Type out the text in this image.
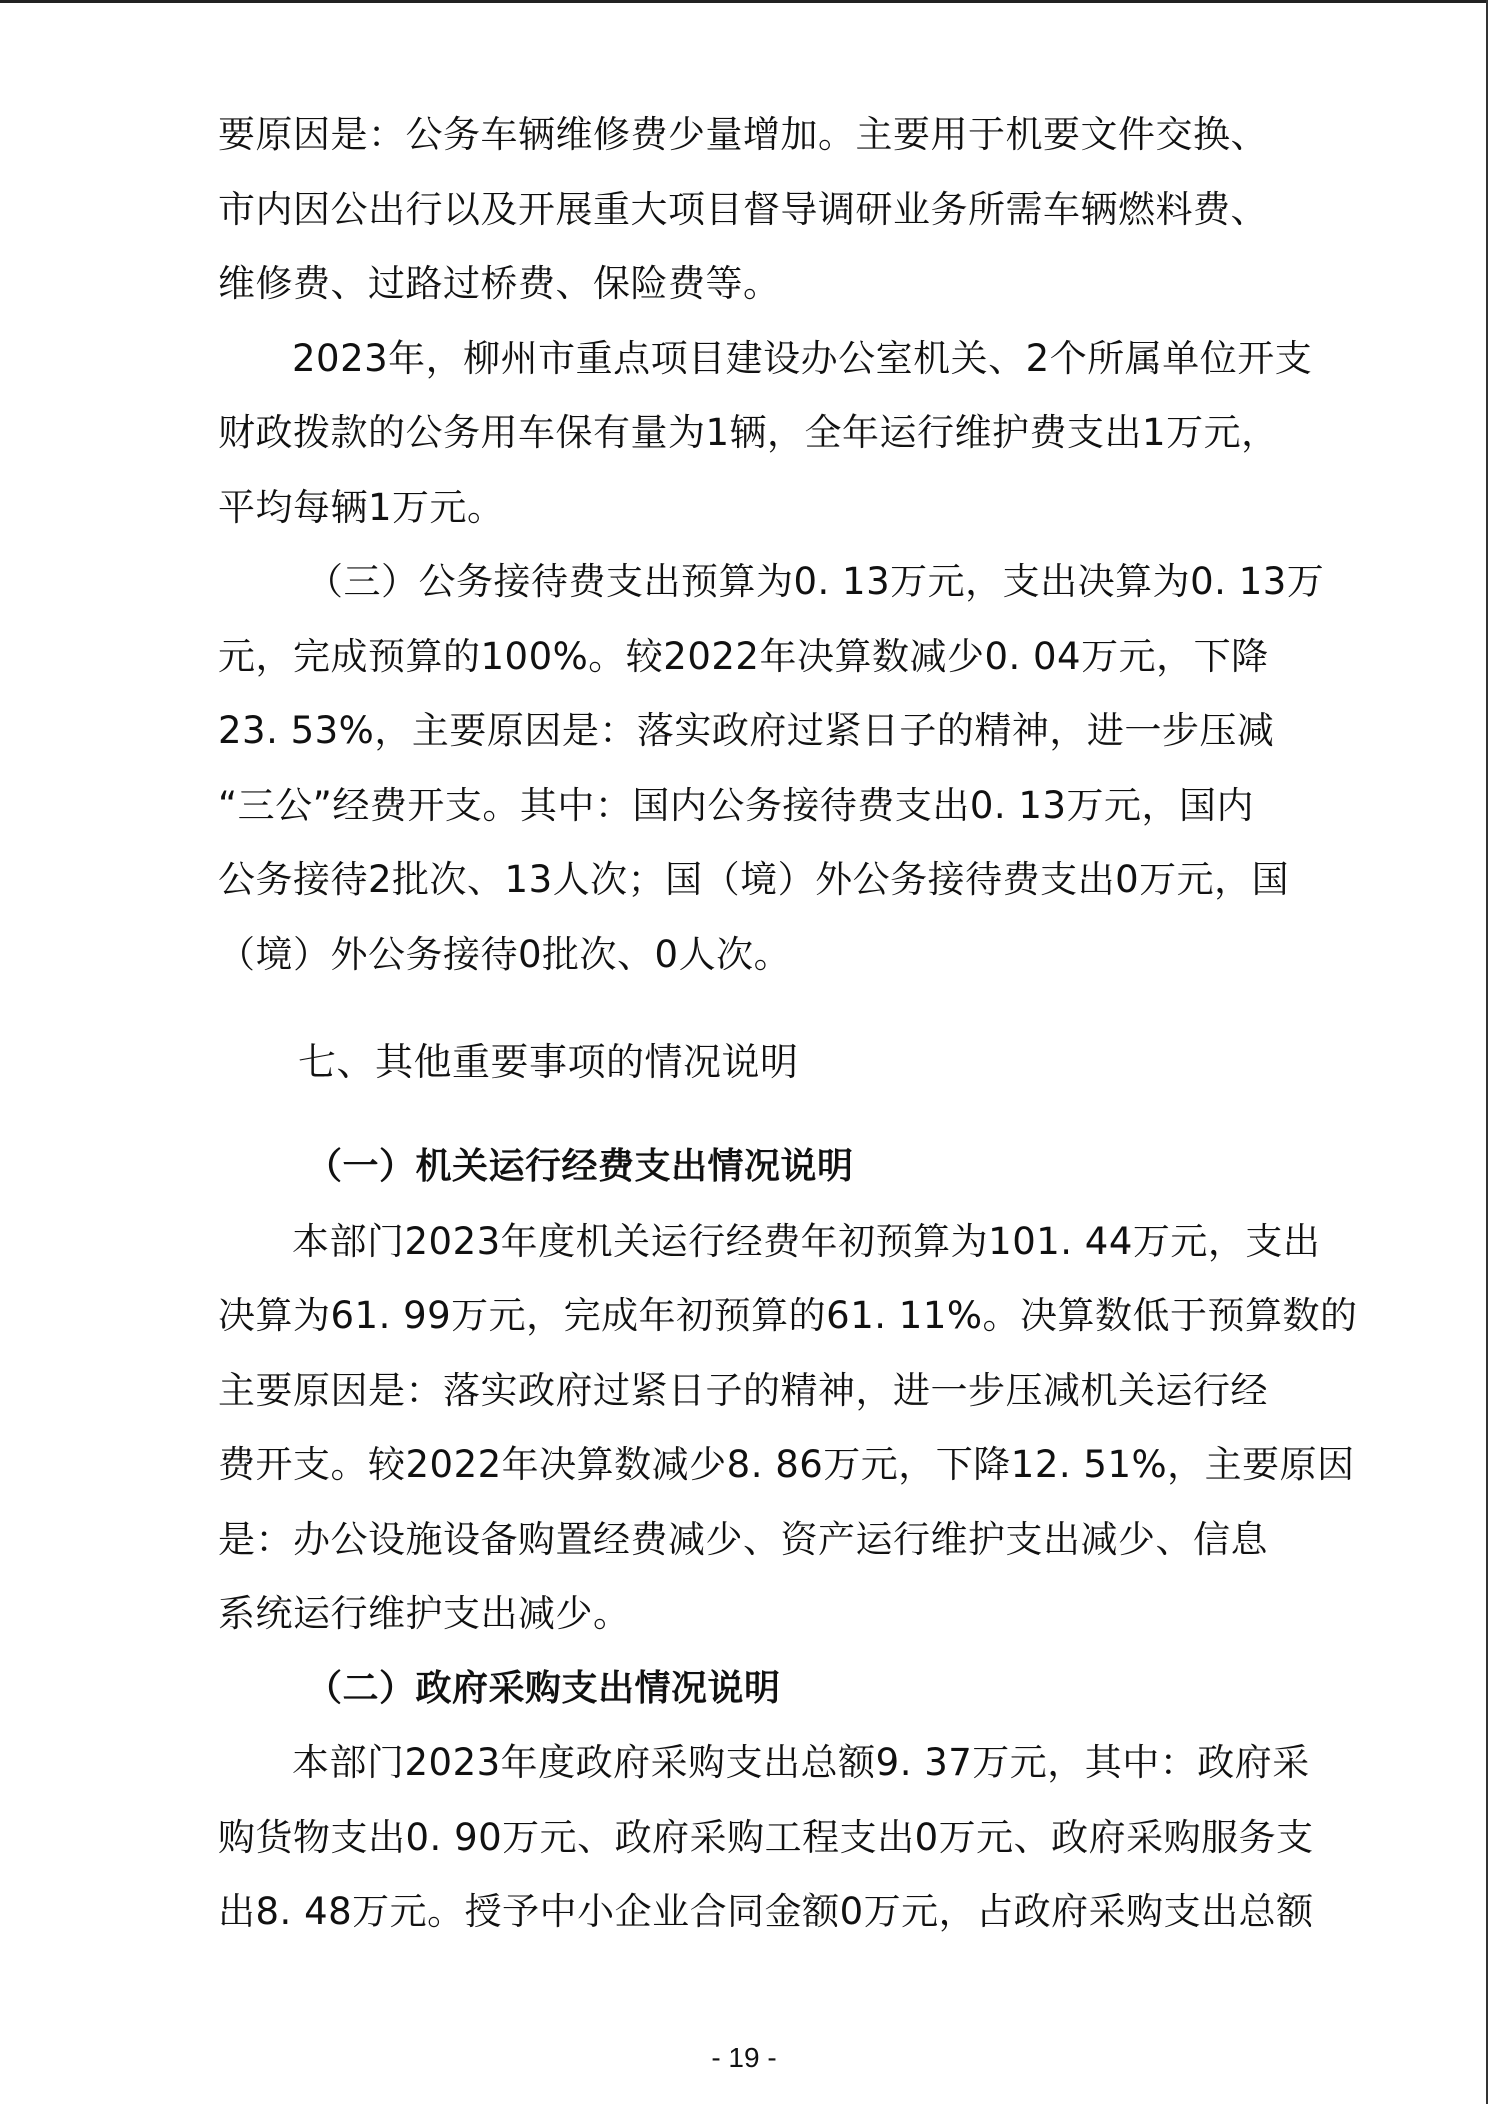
要原因是：公务车辆维修费少量增加。主要用于机要文件交换、

市内因公出行以及开展重大项目督导调研业务所需车辆燃料费、

维修费、过路过桥费、保险费等。

2023年，柳州市重点项目建设办公室机关、2个所属单位开支

财政拨款的公务用车保有量为1辆，全年运行维护费支出1万元，

平均每辆1万元。

（三）公务接待费支出预算为0. 13万元，支出决算为0. 13万

元，完成预算的100%。较2022年决算数减少0. 04万元，下降

23. 53%，主要原因是：落实政府过紧日子的精神，进一步压减

“三公”经费开支。其中：国内公务接待费支出0. 13万元，国内

公务接待2批次、13人次；国（境）外公务接待费支出0万元，国

（境）外公务接待0批次、0人次。

七、其他重要事项的情况说明
（一）机关运行经费支出情况说明

本部门2023年度机关运行经费年初预算为101. 44万元，支出

决算为61. 99万元，完成年初预算的61. 11%。决算数低于预算数的

主要原因是：落实政府过紧日子的精神，进一步压减机关运行经

费开支。较2022年决算数减少8. 86万元，下降12. 51%，主要原因

是：办公设施设备购置经费减少、资产运行维护支出减少、信息

系统运行维护支出减少。

（二）政府采购支出情况说明

本部门2023年度政府采购支出总额9. 37万元，其中：政府采

购货物支出0. 90万元、政府采购工程支出0万元、政府采购服务支

出8. 48万元。授予中小企业合同金额0万元，占政府采购支出总额

- 19 -
